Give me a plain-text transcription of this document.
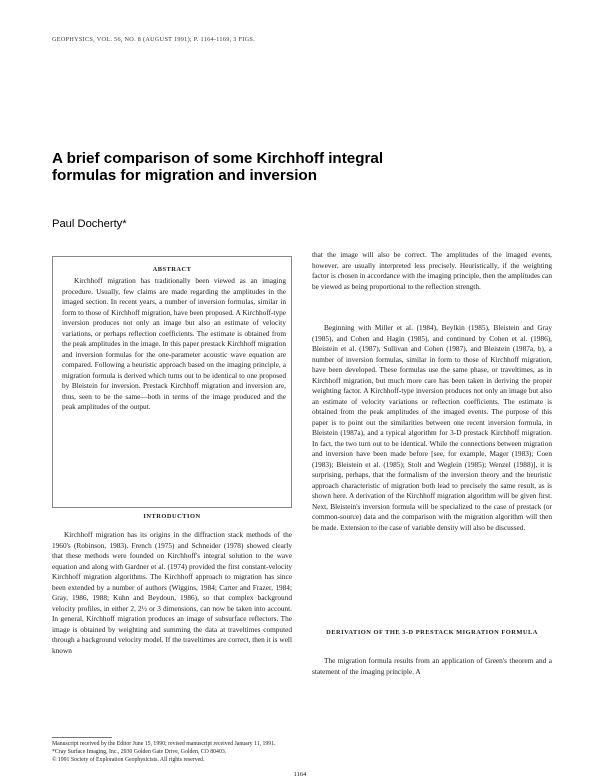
GEOPHYSICS, VOL. 56, NO. 8 (AUGUST 1991); P. 1164-1169, 3 FIGS.
A brief comparison of some Kirchhoff integral formulas for migration and inversion
Paul Docherty*
ABSTRACT
Kirchhoff migration has traditionally been viewed as an imaging procedure. Usually, few claims are made regarding the amplitudes in the imaged section. In recent years, a number of inversion formulas, similar in form to those of Kirchhoff migration, have been proposed. A Kirchhoff-type inversion produces not only an image but also an estimate of velocity variations, or perhaps reflection coefficients. The estimate is obtained from the peak amplitudes in the image. In this paper prestack Kirchhoff migration and inversion formulas for the one-parameter acoustic wave equation are compared. Following a heuristic approach based on the imaging principle, a migration formula is derived which turns out to be identical to one proposed by Bleistein for inversion. Prestack Kirchhoff migration and inversion are, thus, seen to be the same—both in terms of the image produced and the peak amplitudes of the output.
INTRODUCTION
Kirchhoff migration has its origins in the diffraction stack methods of the 1960's (Robinson, 1983). French (1975) and Schneider (1978) showed clearly that these methods were founded on Kirchhoff's integral solution to the wave equation and along with Gardner et al. (1974) provided the first constant-velocity Kirchhoff migration algorithms. The Kirchhoff approach to migration has since been extended by a number of authors (Wiggins, 1984; Carter and Frazer, 1984; Gray, 1986, 1988; Kuhn and Beydoun, 1986), so that complex background velocity profiles, in either 2, 2½ or 3 dimensions, can now be taken into account. In general, Kirchhoff migration produces an image of subsurface reflectors. The image is obtained by weighting and summing the data at traveltimes computed through a background velocity model. If the traveltimes are correct, then it is well known
that the image will also be correct. The amplitudes of the imaged events, however, are usually interpreted less precisely. Heuristically, if the weighting factor is chosen in accordance with the imaging principle, then the amplitudes can be viewed as being proportional to the reflection strength.
Beginning with Miller et al. (1984), Beylkin (1985), Bleistein and Gray (1985), and Cohen and Hagin (1985), and continued by Cohen et al. (1986), Bleistein et al. (1987), Sullivan and Cohen (1987), and Bleistein (1987a, b), a number of inversion formulas, similar in form to those of Kirchhoff migration, have been developed. These formulas use the same phase, or traveltimes, as in Kirchhoff migration, but much more care has been taken in deriving the proper weighting factor. A Kirchhoff-type inversion produces not only an image but also an estimate of velocity variations or reflection coefficients. The estimate is obtained from the peak amplitudes of the imaged events. The purpose of this paper is to point out the similarities between one recent inversion formula, in Bleistein (1987a), and a typical algorithm for 3-D prestack Kirchhoff migration. In fact, the two turn out to be identical. While the connections between migration and inversion have been made before [see, for example, Mager (1983); Coen (1983); Bleistein et al. (1985); Stolt and Weglein (1985); Wenzel (1988)], it is surprising, perhaps, that the formalism of the inversion theory and the heuristic approach characteristic of migration both lead to precisely the same result, as is shown here. A derivation of the Kirchhoff migration algorithm will be given first. Next, Bleistein's inversion formula will be specialized to the case of prestack (or common-source) data and the comparison with the migration algorithm will then be made. Extension to the case of variable density will also be discussed.
DERIVATION OF THE 3-D PRESTACK MIGRATION FORMULA
The migration formula results from an application of Green's theorem and a statement of the imaging principle. A
Manuscript received by the Editor June 15, 1990; revised manuscript received January 11, 1991.
*Cray Surface Imaging, Inc., 2930 Golden Gate Drive, Golden, CO 80403.
© 1991 Society of Exploration Geophysicists. All rights reserved.
1164
